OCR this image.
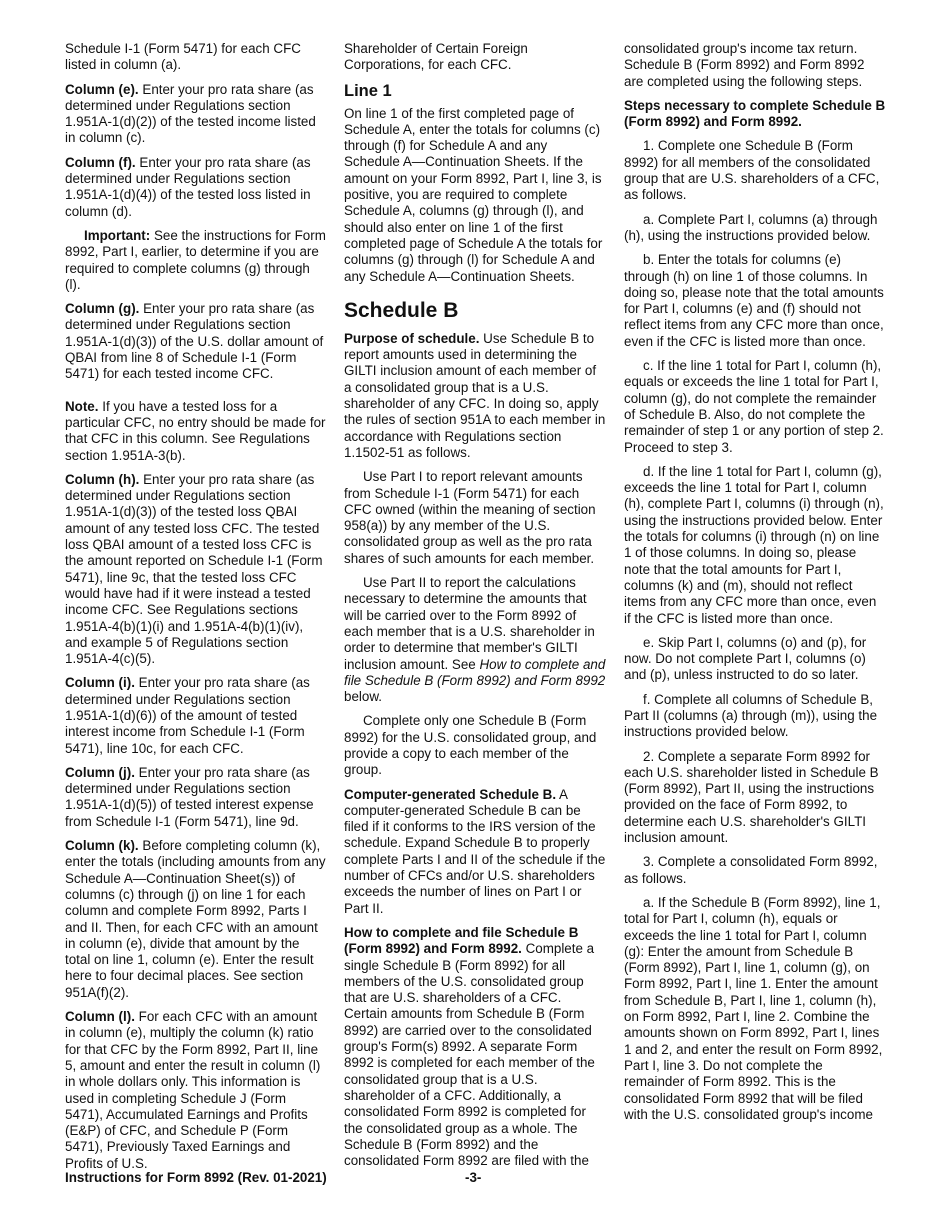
Schedule I-1 (Form 5471) for each CFC listed in column (a).

Column (e). Enter your pro rata share (as determined under Regulations section 1.951A-1(d)(2)) of the tested income listed in column (c).

Column (f). Enter your pro rata share (as determined under Regulations section 1.951A-1(d)(4)) of the tested loss listed in column (d).

Important: See the instructions for Form 8992, Part I, earlier, to determine if you are required to complete columns (g) through (l).

Column (g). Enter your pro rata share (as determined under Regulations section 1.951A-1(d)(3)) of the U.S. dollar amount of QBAI from line 8 of Schedule I-1 (Form 5471) for each tested income CFC.

Note. If you have a tested loss for a particular CFC, no entry should be made for that CFC in this column. See Regulations section 1.951A-3(b).

Column (h). Enter your pro rata share (as determined under Regulations section 1.951A-1(d)(3)) of the tested loss QBAI amount of any tested loss CFC. The tested loss QBAI amount of a tested loss CFC is the amount reported on Schedule I-1 (Form 5471), line 9c, that the tested loss CFC would have had if it were instead a tested income CFC. See Regulations sections 1.951A-4(b)(1)(i) and 1.951A-4(b)(1)(iv), and example 5 of Regulations section 1.951A-4(c)(5).

Column (i). Enter your pro rata share (as determined under Regulations section 1.951A-1(d)(6)) of the amount of tested interest income from Schedule I-1 (Form 5471), line 10c, for each CFC.

Column (j). Enter your pro rata share (as determined under Regulations section 1.951A-1(d)(5)) of tested interest expense from Schedule I-1 (Form 5471), line 9d.

Column (k). Before completing column (k), enter the totals (including amounts from any Schedule A—Continuation Sheet(s)) of columns (c) through (j) on line 1 for each column and complete Form 8992, Parts I and II. Then, for each CFC with an amount in column (e), divide that amount by the total on line 1, column (e). Enter the result here to four decimal places. See section 951A(f)(2).

Column (l). For each CFC with an amount in column (e), multiply the column (k) ratio for that CFC by the Form 8992, Part II, line 5, amount and enter the result in column (l) in whole dollars only. This information is used in completing Schedule J (Form 5471), Accumulated Earnings and Profits (E&P) of CFC, and Schedule P (Form 5471), Previously Taxed Earnings and Profits of U.S.

Shareholder of Certain Foreign Corporations, for each CFC.

Line 1

On line 1 of the first completed page of Schedule A, enter the totals for columns (c) through (f) for Schedule A and any Schedule A—Continuation Sheets. If the amount on your Form 8992, Part I, line 3, is positive, you are required to complete Schedule A, columns (g) through (l), and should also enter on line 1 of the first completed page of Schedule A the totals for columns (g) through (l) for Schedule A and any Schedule A—Continuation Sheets.

Schedule B

Purpose of schedule. Use Schedule B to report amounts used in determining the GILTI inclusion amount of each member of a consolidated group that is a U.S. shareholder of any CFC. In doing so, apply the rules of section 951A to each member in accordance with Regulations section 1.1502-51 as follows.

Use Part I to report relevant amounts from Schedule I-1 (Form 5471) for each CFC owned (within the meaning of section 958(a)) by any member of the U.S. consolidated group as well as the pro rata shares of such amounts for each member.

Use Part II to report the calculations necessary to determine the amounts that will be carried over to the Form 8992 of each member that is a U.S. shareholder in order to determine that member's GILTI inclusion amount. See How to complete and file Schedule B (Form 8992) and Form 8992 below.

Complete only one Schedule B (Form 8992) for the U.S. consolidated group, and provide a copy to each member of the group.

Computer-generated Schedule B. A computer-generated Schedule B can be filed if it conforms to the IRS version of the schedule. Expand Schedule B to properly complete Parts I and II of the schedule if the number of CFCs and/or U.S. shareholders exceeds the number of lines on Part I or Part II.

How to complete and file Schedule B (Form 8992) and Form 8992. Complete a single Schedule B (Form 8992) for all members of the U.S. consolidated group that are U.S. shareholders of a CFC. Certain amounts from Schedule B (Form 8992) are carried over to the consolidated group's Form(s) 8992. A separate Form 8992 is completed for each member of the consolidated group that is a U.S. shareholder of a CFC. Additionally, a consolidated Form 8992 is completed for the consolidated group as a whole. The Schedule B (Form 8992) and the consolidated Form 8992 are filed with the

consolidated group's income tax return. Schedule B (Form 8992) and Form 8992 are completed using the following steps.

Steps necessary to complete Schedule B (Form 8992) and Form 8992.

1. Complete one Schedule B (Form 8992) for all members of the consolidated group that are U.S. shareholders of a CFC, as follows.

a. Complete Part I, columns (a) through (h), using the instructions provided below.

b. Enter the totals for columns (e) through (h) on line 1 of those columns. In doing so, please note that the total amounts for Part I, columns (e) and (f) should not reflect items from any CFC more than once, even if the CFC is listed more than once.

c. If the line 1 total for Part I, column (h), equals or exceeds the line 1 total for Part I, column (g), do not complete the remainder of Schedule B. Also, do not complete the remainder of step 1 or any portion of step 2. Proceed to step 3.

d. If the line 1 total for Part I, column (g), exceeds the line 1 total for Part I, column (h), complete Part I, columns (i) through (n), using the instructions provided below. Enter the totals for columns (i) through (n) on line 1 of those columns. In doing so, please note that the total amounts for Part I, columns (k) and (m), should not reflect items from any CFC more than once, even if the CFC is listed more than once.

e. Skip Part I, columns (o) and (p), for now. Do not complete Part I, columns (o) and (p), unless instructed to do so later.

f. Complete all columns of Schedule B, Part II (columns (a) through (m)), using the instructions provided below.

2. Complete a separate Form 8992 for each U.S. shareholder listed in Schedule B (Form 8992), Part II, using the instructions provided on the face of Form 8992, to determine each U.S. shareholder's GILTI inclusion amount.

3. Complete a consolidated Form 8992, as follows.

a. If the Schedule B (Form 8992), line 1, total for Part I, column (h), equals or exceeds the line 1 total for Part I, column (g): Enter the amount from Schedule B (Form 8992), Part I, line 1, column (g), on Form 8992, Part I, line 1. Enter the amount from Schedule B, Part I, line 1, column (h), on Form 8992, Part I, line 2. Combine the amounts shown on Form 8992, Part I, lines 1 and 2, and enter the result on Form 8992, Part I, line 3. Do not complete the remainder of Form 8992. This is the consolidated Form 8992 that will be filed with the U.S. consolidated group's income

Instructions for Form 8992 (Rev. 01-2021)	-3-
